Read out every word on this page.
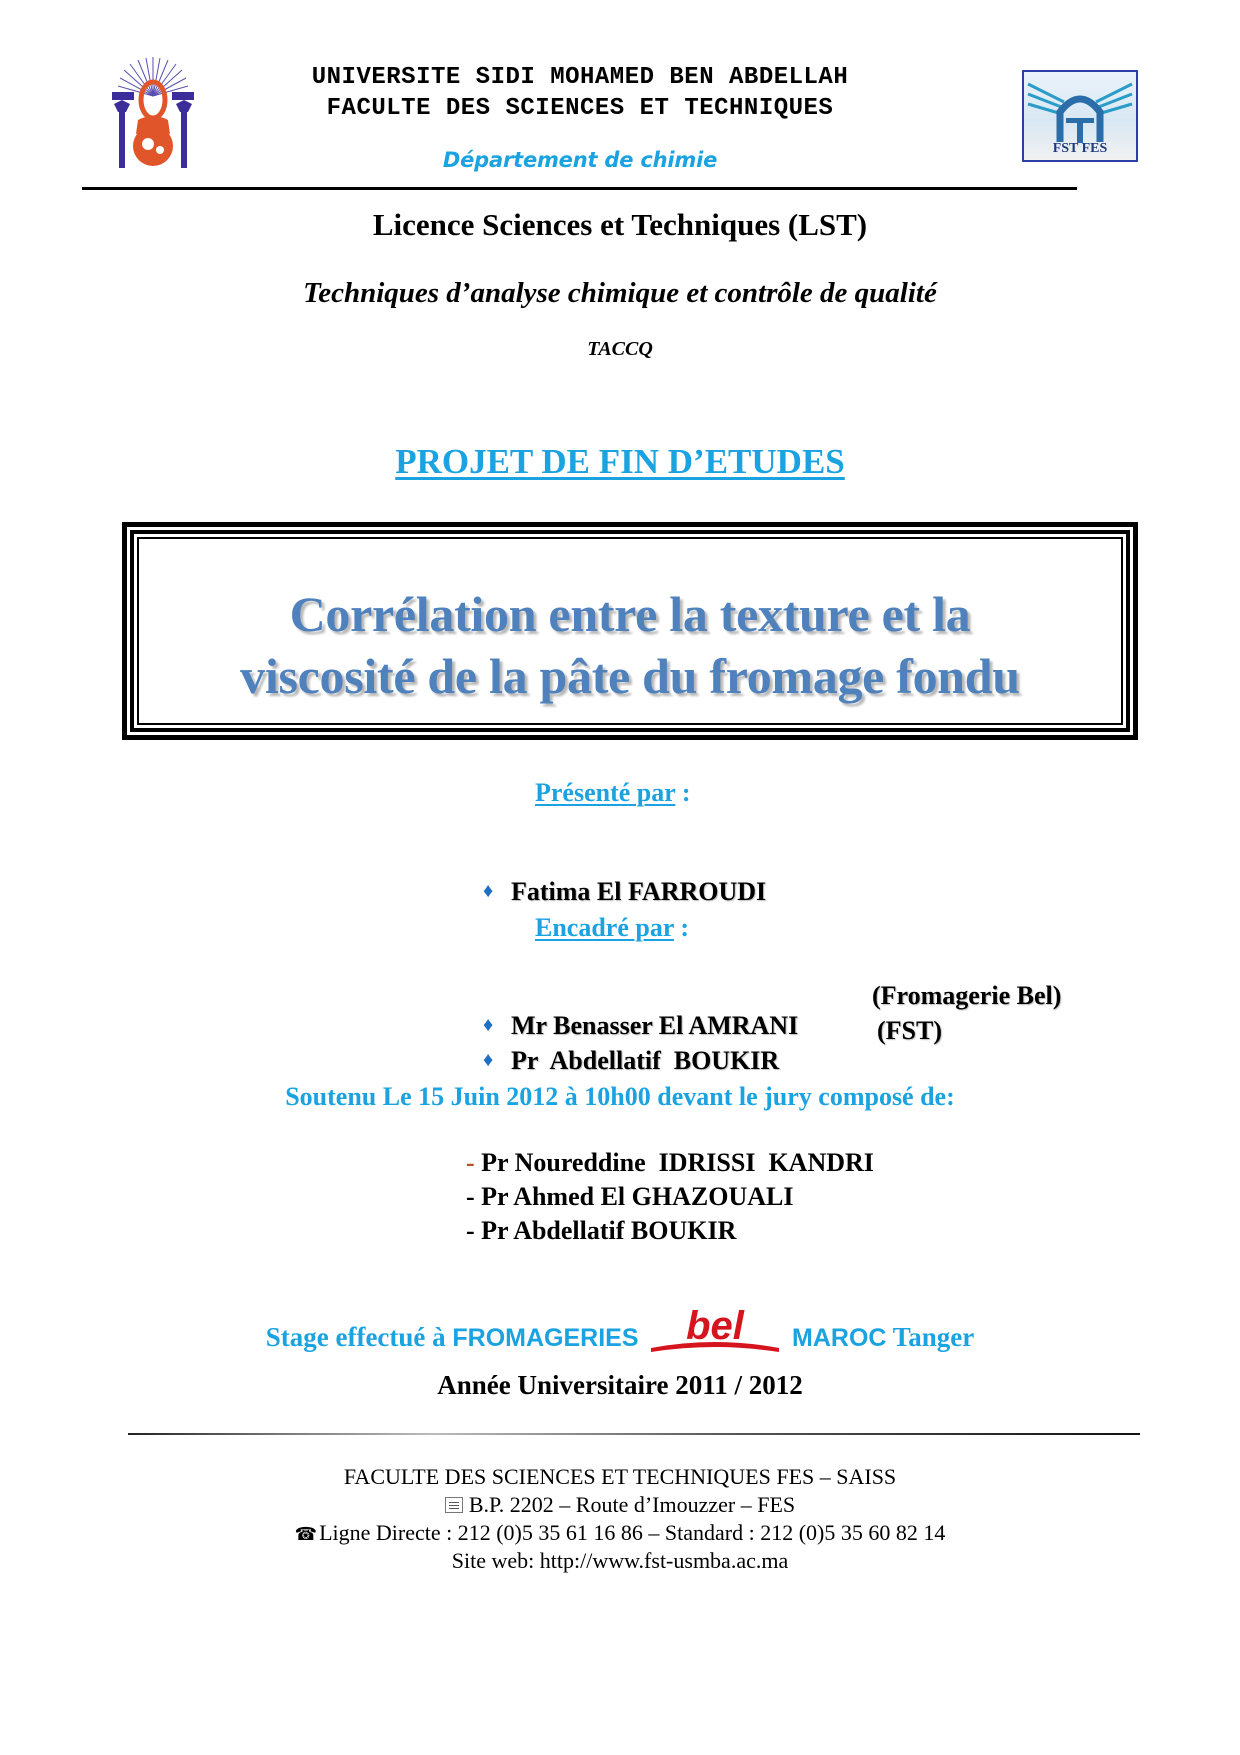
UNIVERSITE SIDI MOHAMED BEN ABDELLAH
FACULTE DES SCIENCES ET TECHNIQUES
FST FES
Département de chimie
Licence Sciences et Techniques (LST)
Techniques d’analyse chimique et contrôle de qualité
TACCQ
PROJET DE FIN D’ETUDES
Corrélation entre la texture et la
viscosité de la pâte du fromage fondu
Présenté par :

♦ Fatima El FARROUDI

Encadré par :

♦ Mr Benasser El AMRANI

(Fromagerie Bel)

♦ Pr  Abdellatif  BOUKIR

(FST)
Soutenu Le 15 Juin 2012 à 10h00 devant le jury composé de:
- Pr Noureddine  IDRISSI  KANDRI
- Pr Ahmed El GHAZOUALI
- Pr Abdellatif BOUKIR
Stage effectué à FROMAGERIES bel MAROC Tanger
Année Universitaire 2011 / 2012
FACULTE DES SCIENCES ET TECHNIQUES FES – SAISS
B.P. 2202 – Route d’Imouzzer – FES
☎Ligne Directe : 212 (0)5 35 61 16 86 – Standard : 212 (0)5 35 60 82 14
Site web: http://www.fst-usmba.ac.ma
